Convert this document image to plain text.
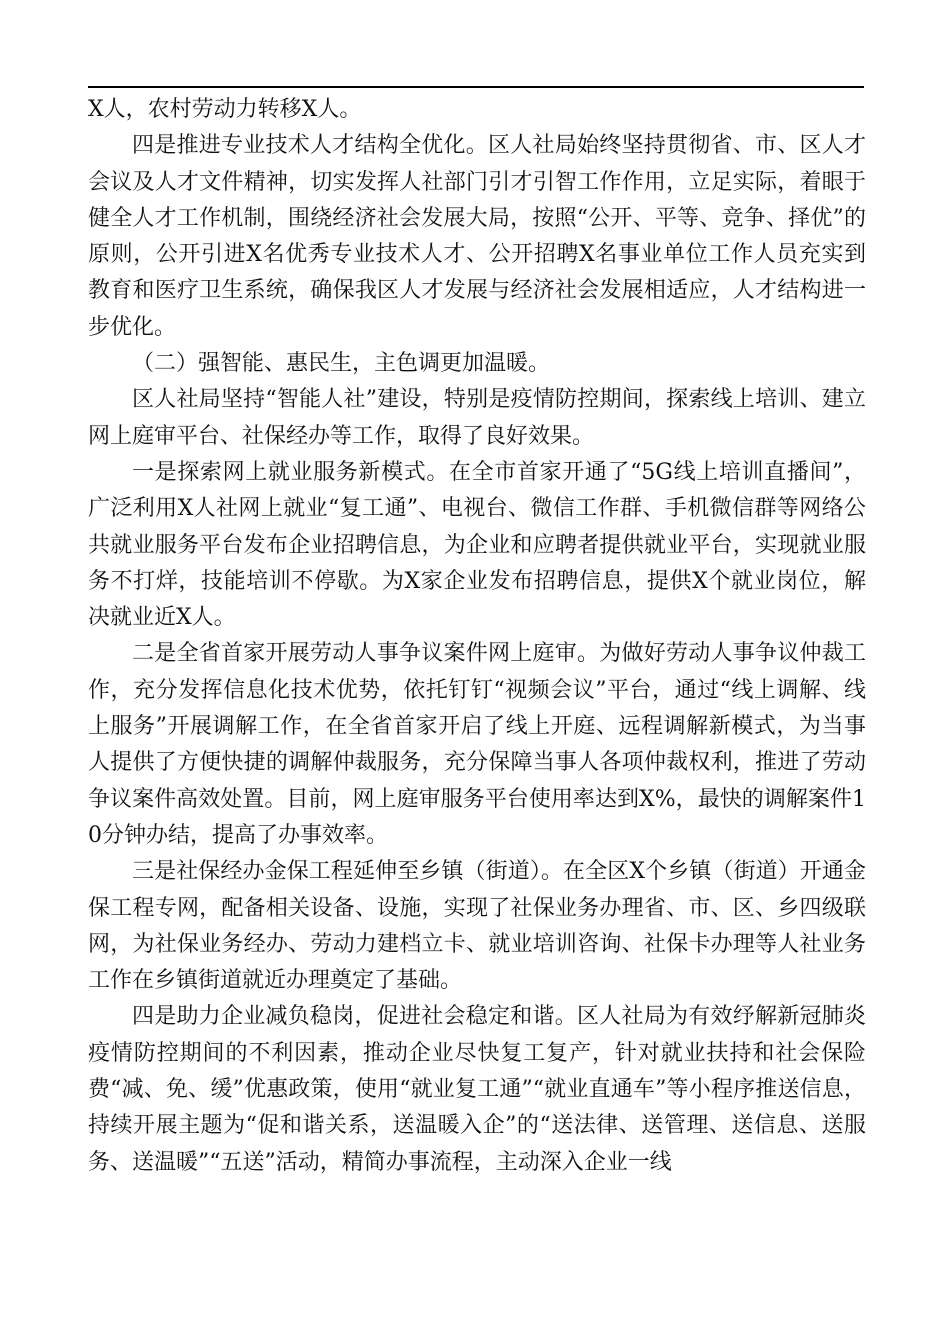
X人，农村劳动力转移X人。

四是推进专业技术人才结构全优化。区人社局始终坚持贯彻省、市、区人才会议及人才文件精神，切实发挥人社部门引才引智工作作用，立足实际，着眼于健全人才工作机制，围绕经济社会发展大局，按照“公开、平等、竞争、择优”的原则，公开引进X名优秀专业技术人才、公开招聘X名事业单位工作人员充实到教育和医疗卫生系统，确保我区人才发展与经济社会发展相适应，人才结构进一步优化。

（二）强智能、惠民生，主色调更加温暖。

区人社局坚持“智能人社”建设，特别是疫情防控期间，探索线上培训、建立网上庭审平台、社保经办等工作，取得了良好效果。

一是探索网上就业服务新模式。在全市首家开通了“5G线上培训直播间”，广泛利用X人社网上就业“复工通”、电视台、微信工作群、手机微信群等网络公共就业服务平台发布企业招聘信息，为企业和应聘者提供就业平台，实现就业服务不打烊，技能培训不停歇。为X家企业发布招聘信息，提供X个就业岗位，解决就业近X人。

二是全省首家开展劳动人事争议案件网上庭审。为做好劳动人事争议仲裁工作，充分发挥信息化技术优势，依托钉钉“视频会议”平台，通过“线上调解、线上服务”开展调解工作，在全省首家开启了线上开庭、远程调解新模式，为当事人提供了方便快捷的调解仲裁服务，充分保障当事人各项仲裁权利，推进了劳动争议案件高效处置。目前，网上庭审服务平台使用率达到X%，最快的调解案件10分钟办结，提高了办事效率。

三是社保经办金保工程延伸至乡镇（街道）。在全区X个乡镇（街道）开通金保工程专网，配备相关设备、设施，实现了社保业务办理省、市、区、乡四级联网，为社保业务经办、劳动力建档立卡、就业培训咨询、社保卡办理等人社业务工作在乡镇街道就近办理奠定了基础。

四是助力企业减负稳岗，促进社会稳定和谐。区人社局为有效纾解新冠肺炎疫情防控期间的不利因素，推动企业尽快复工复产，针对就业扶持和社会保险费“减、免、缓”优惠政策，使用“就业复工通”“就业直通车”等小程序推送信息，持续开展主题为“促和谐关系，送温暖入企”的“送法律、送管理、送信息、送服务、送温暖”“五送”活动，精简办事流程，主动深入企业一线
